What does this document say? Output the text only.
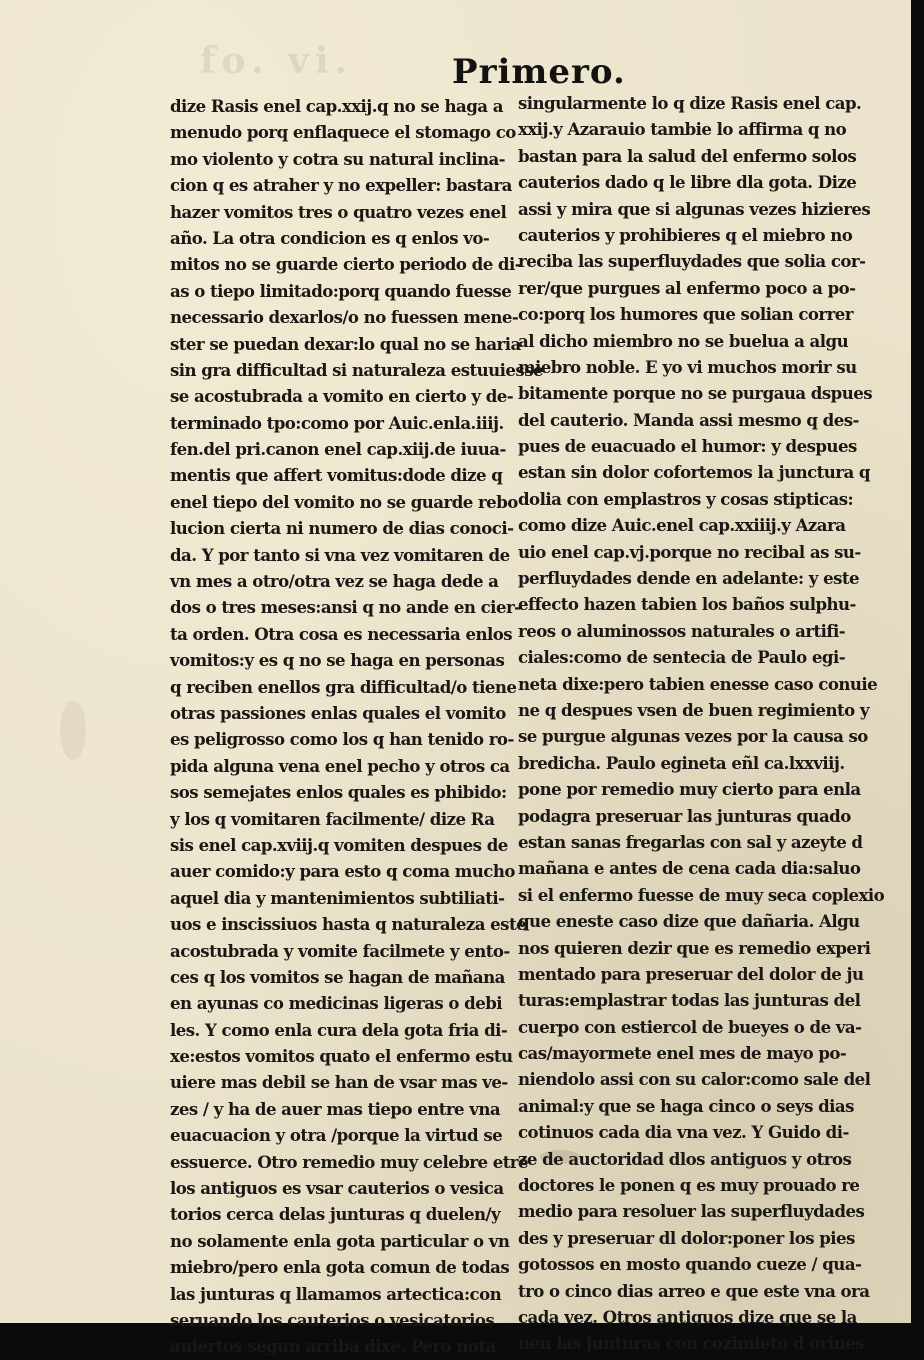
fo. vi.	Primero.
dize Rasis enel cap.xxij.q no se haga a
menudo porq enflaquece el stomago co
mo violento y cotra su natural inclina-
cion q es atraher y no expeller: bastara
hazer vomitos tres o quatro vezes enel
año. La otra condicion es q enlos vo-
mitos no se guarde cierto periodo de di-
as o tiepo limitado:porq quando fuesse
necessario dexarlos/o no fuessen mene-
ster se puedan dexar:lo qual no se haria
sin gra difficultad si naturaleza estuuiesse
se acostubrada a vomito en cierto y de-
terminado tpo:como por Auic.enla.iiij.
fen.del pri.canon enel cap.xiij.de iuua-
mentis que affert vomitus:dode dize q
enel tiepo del vomito no se guarde rebo
lucion cierta ni numero de dias conoci-
da. Y por tanto si vna vez vomitaren de
vn mes a otro/otra vez se haga dede a
dos o tres meses:ansi q no ande en cier-
ta orden. Otra cosa es necessaria enlos
vomitos:y es q no se haga en personas
q reciben enellos gra difficultad/o tiene
otras passiones enlas quales el vomito
es peligrosso como los q han tenido ro-
pida alguna vena enel pecho y otros ca
sos semejates enlos quales es phibido:
y los q vomitaren facilmente/ dize Ra
sis enel cap.xviij.q vomiten despues de
auer comido:y para esto q coma mucho
aquel dia y mantenimientos subtiliati-
uos e inscissiuos hasta q naturaleza este
acostubrada y vomite facilmete y ento-
ces q los vomitos se hagan de mañana
en ayunas co medicinas ligeras o debi
les. Y como enla cura dela gota fria di-
xe:estos vomitos quato el enfermo estu
uiere mas debil se han de vsar mas ve-
zes / y ha de auer mas tiepo entre vna
euacuacion y otra /porque la virtud se
essuerce. Otro remedio muy celebre etre
los antiguos es vsar cauterios o vesica
torios cerca delas junturas q duelen/y
no solamente enla gota particular o vn
miebro/pero enla gota comun de todas
las junturas q llamamos artectica:con
seruando los cauterios o vesicatorios
auiertos segun arriba dixe. Pero nota
singularmente lo q dize Rasis enel cap.
xxij.y Azarauio tambie lo affirma q no
bastan para la salud del enfermo solos
cauterios dado q le libre dla gota. Dize
assi y mira que si algunas vezes hizieres
cauterios y prohibieres q el miebro no
reciba las superfluydades que solia cor-
rer/que purgues al enfermo poco a po-
co:porq los humores que solian correr
al dicho miembro no se buelua a algu
miebro noble. E yo vi muchos morir su
bitamente porque no se purgaua dspues
del cauterio. Manda assi mesmo q des-
pues de euacuado el humor: y despues
estan sin dolor cofortemos la junctura q
dolia con emplastros y cosas stipticas:
como dize Auic.enel cap.xxiiij.y Azara
uio enel cap.vj.porque no recibal as su-
perfluydades dende en adelante: y este
effecto hazen tabien los baños sulphu-
reos o aluminossos naturales o artifi-
ciales:como de sentecia de Paulo egi-
neta dixe:pero tabien enesse caso conuie
ne q despues vsen de buen regimiento y
se purgue algunas vezes por la causa so
bredicha. Paulo egineta eñl ca.lxxviij.
pone por remedio muy cierto para enla
podagra preseruar las junturas quado
estan sanas fregarlas con sal y azeyte d
mañana e antes de cena cada dia:saluo
si el enfermo fuesse de muy seca coplexio
que eneste caso dize que dañaria. Algu
nos quieren dezir que es remedio experi
mentado para preseruar del dolor de ju
turas:emplastrar todas las junturas del
cuerpo con estiercol de bueyes o de va-
cas/mayormete enel mes de mayo po-
niendolo assi con su calor:como sale del
animal:y que se haga cinco o seys dias
cotinuos cada dia vna vez. Y Guido di-
ze de auctoridad dlos antiguos y otros
doctores le ponen q es muy prouado re
medio para resoluer las superfluydades
des y preseruar dl dolor:poner los pies
gotossos en mosto quando cueze / qua-
tro o cinco dias arreo e que este vna ora
cada vez. Otros antiguos dize que se la
uen las junturas con cozimieto d orines
